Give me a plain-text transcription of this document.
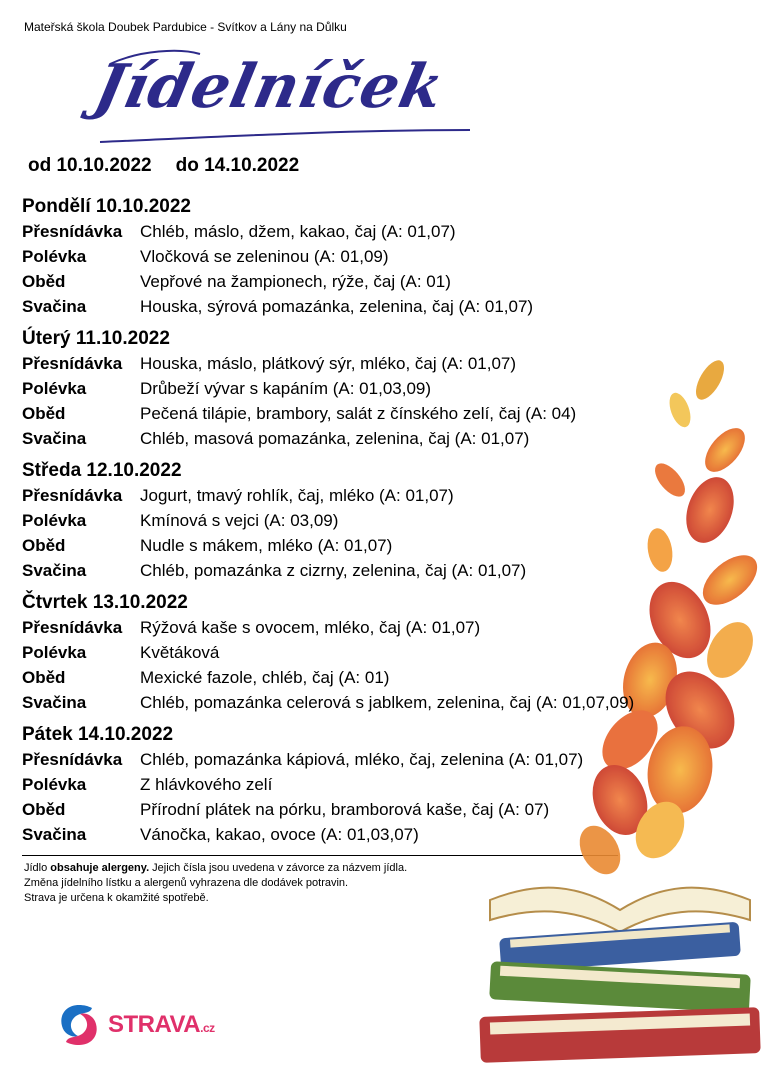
Mateřská škola Doubek Pardubice - Svítkov a Lány na Důlku
Jídelníček
od 10.10.2022 do 14.10.2022
Pondělí 10.10.2022
Přesnídávka Chléb, máslo, džem, kakao, čaj (A: 01,07)
Polévka	Vločková se zeleninou (A: 01,09)
Oběd	Vepřové na žampionech, rýže, čaj (A: 01)
Svačina	Houska, sýrová pomazánka, zelenina, čaj (A: 01,07)
Úterý 11.10.2022
Přesnídávka Houska, máslo, plátkový sýr, mléko, čaj (A: 01,07)
Polévka	Drůbeží vývar s kapáním (A: 01,03,09)
Oběd	Pečená tilápie, brambory, salát z čínského zelí, čaj (A: 04)
Svačina	Chléb, masová pomazánka, zelenina, čaj (A: 01,07)
Středa 12.10.2022
Přesnídávka Jogurt, tmavý rohlík, čaj, mléko (A: 01,07)
Polévka	Kmínová s vejci (A: 03,09)
Oběd	Nudle s mákem, mléko (A: 01,07)
Svačina	Chléb, pomazánka z cizrny, zelenina, čaj (A: 01,07)
Čtvrtek 13.10.2022
Přesnídávka Rýžová kaše s ovocem, mléko, čaj (A: 01,07)
Polévka	Květáková
Oběd	Mexické fazole, chléb, čaj (A: 01)
Svačina	Chléb, pomazánka celerová s jablkem, zelenina, čaj (A: 01,07,09)
Pátek 14.10.2022
Přesnídávka Chléb, pomazánka kápiová, mléko, čaj, zelenina (A: 01,07)
Polévka	Z hlávkového zelí
Oběd	Přírodní plátek na pórku, bramborová kaše, čaj (A: 07)
Svačina	Vánočka, kakao, ovoce (A: 01,03,07)
Jídlo obsahuje alergeny. Jejich čísla jsou uvedena v závorce za názvem jídla.
Změna jídelního lístku a alergenů vyhrazena dle dodávek potravin.
Strava je určena k okamžité spotřebě.
STRAVA.cz
